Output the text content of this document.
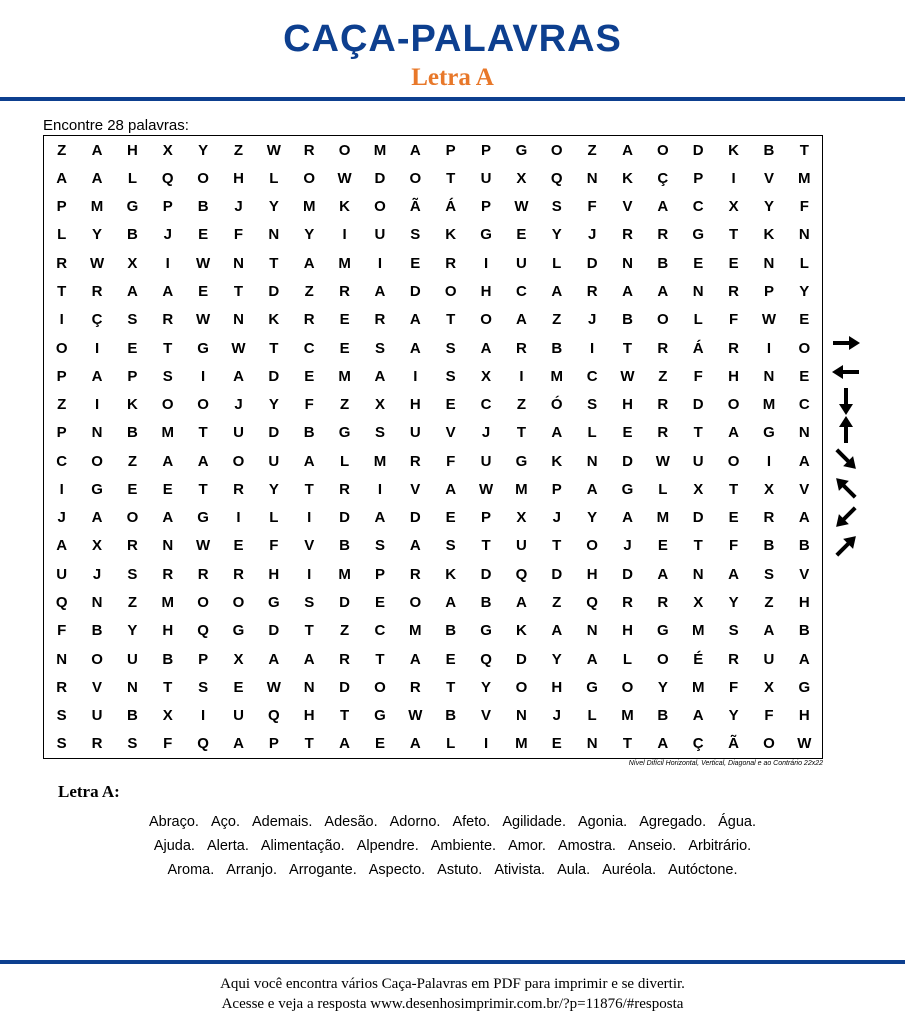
CAÇA-PALAVRAS
Letra A
Encontre 28 palavras:
Z	A	H	X	Y	Z	W	R	O	M	A	P	P	G	O	Z	A	O	D	K	B	T
A	A	L	Q	O	H	L	O	W	D	O	T	U	X	Q	N	K	Ç	P	I	V	M
P	M	G	P	B	J	Y	M	K	O	Ã	Á	P	W	S	F	V	A	C	X	Y	F
L	Y	B	J	E	F	N	Y	I	U	S	K	G	E	Y	J	R	R	G	T	K	N
R	W	X	I	W	N	T	A	M	I	E	R	I	U	L	D	N	B	E	E	N	L
T	R	A	A	E	T	D	Z	R	A	D	O	H	C	A	R	A	A	N	R	P	Y
I	Ç	S	R	W	N	K	R	E	R	A	T	O	A	Z	J	B	O	L	F	W	E
O	I	E	T	G	W	T	C	E	S	A	S	A	R	B	I	T	R	Á	R	I	O
P	A	P	S	I	A	D	E	M	A	I	S	X	I	M	C	W	Z	F	H	N	E
Z	I	K	O	O	J	Y	F	Z	X	H	E	C	Z	Ó	S	H	R	D	O	M	C
P	N	B	M	T	U	D	B	G	S	U	V	J	T	A	L	E	R	T	A	G	N
C	O	Z	A	A	O	U	A	L	M	R	F	U	G	K	N	D	W	U	O	I	A
I	G	E	E	T	R	Y	T	R	I	V	A	W	M	P	A	G	L	X	T	X	V
J	A	O	A	G	I	L	I	D	A	D	E	P	X	J	Y	A	M	D	E	R	A
A	X	R	N	W	E	F	V	B	S	A	S	T	U	T	O	J	E	T	F	B	B
U	J	S	R	R	R	H	I	M	P	R	K	D	Q	D	H	D	A	N	A	S	V
Q	N	Z	M	O	O	G	S	D	E	O	A	B	A	Z	Q	R	R	X	Y	Z	H
F	B	Y	H	Q	G	D	T	Z	C	M	B	G	K	A	N	H	G	M	S	A	B
N	O	U	B	P	X	A	A	R	T	A	E	Q	D	Y	A	L	O	É	R	U	A
R	V	N	T	S	E	W	N	D	O	R	T	Y	O	H	G	O	Y	M	F	X	G
S	U	B	X	I	U	Q	H	T	G	W	B	V	N	J	L	M	B	A	Y	F	H
S	R	S	F	Q	A	P	T	A	E	A	L	I	M	E	N	T	A	Ç	Ã	O	W
Nível Difícil Horizontal, Vertical, Diagonal e ao Contrário 22x22
Letra A:
Abraço. Aço. Ademais. Adesão. Adorno. Afeto. Agilidade. Agonia. Agregado. Água.
Ajuda. Alerta. Alimentação. Alpendre. Ambiente. Amor. Amostra. Anseio. Arbitrário.
Aroma. Arranjo. Arrogante. Aspecto. Astuto. Ativista. Aula. Auréola. Autóctone.
Aqui você encontra vários Caça-Palavras em PDF para imprimir e se divertir.
Acesse e veja a resposta www.desenhosimprimir.com.br/?p=11876/#resposta
